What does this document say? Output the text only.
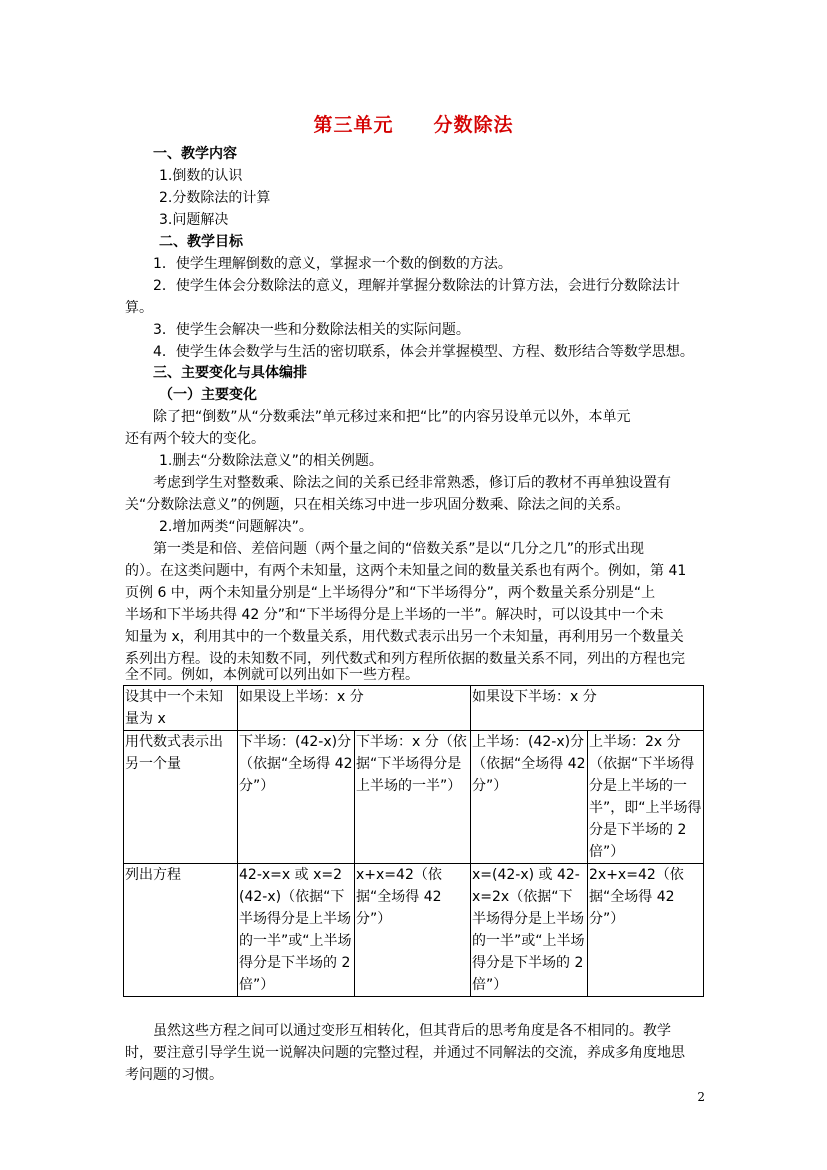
第三单元 分数除法
一、教学内容
1.倒数的认识
2.分数除法的计算
3.问题解决
二、教学目标
1．使学生理解倒数的意义，掌握求一个数的倒数的方法。
2．使学生体会分数除法的意义，理解并掌握分数除法的计算方法，会进行分数除法计
算。
3．使学生会解决一些和分数除法相关的实际问题。
4．使学生体会数学与生活的密切联系，体会并掌握模型、方程、数形结合等数学思想。
三、主要变化与具体编排
（一）主要变化
除了把“倒数”从“分数乘法”单元移过来和把“比”的内容另设单元以外，本单元
还有两个较大的变化。
1.删去“分数除法意义”的相关例题。
考虑到学生对整数乘、除法之间的关系已经非常熟悉，修订后的教材不再单独设置有
关“分数除法意义”的例题，只在相关练习中进一步巩固分数乘、除法之间的关系。
2.增加两类“问题解决”。
第一类是和倍、差倍问题（两个量之间的“倍数关系”是以“几分之几”的形式出现
的）。在这类问题中，有两个未知量，这两个未知量之间的数量关系也有两个。例如，第 41
页例 6 中，两个未知量分别是“上半场得分”和“下半场得分”，两个数量关系分别是“上
半场和下半场共得 42 分”和“下半场得分是上半场的一半”。解决时，可以设其中一个未
知量为 x，利用其中的一个数量关系，用代数式表示出另一个未知量，再利用另一个数量关
系列出方程。设的未知数不同，列代数式和列方程所依据的数量关系不同，列出的方程也完
全不同。例如，本例就可以列出如下一些方程。
设其中一个未知量为 x	如果设上半场：x 分		如果设下半场：x 分	
用代数式表示出另一个量	下半场：(42-x)分（依据“全场得 42 分”）	下半场：x 分（依据“下半场得分是上半场的一半”）	上半场：(42-x)分（依据“全场得 42 分”）	上半场：2x 分（依据“下半场得分是上半场的一半”，即“上半场得分是下半场的 2 倍”）
列出方程	42-x=x 或 x=2(42-x)（依据“下半场得分是上半场的一半”或“上半场得分是下半场的 2 倍”）	x+x=42（依据“全场得 42 分”）	x=(42-x) 或 42-x=2x（依据“下半场得分是上半场的一半”或“上半场得分是下半场的 2 倍”）	2x+x=42（依据“全场得 42 分”）
虽然这些方程之间可以通过变形互相转化，但其背后的思考角度是各不相同的。教学
时，要注意引导学生说一说解决问题的完整过程，并通过不同解法的交流，养成多角度地思
考问题的习惯。
2
